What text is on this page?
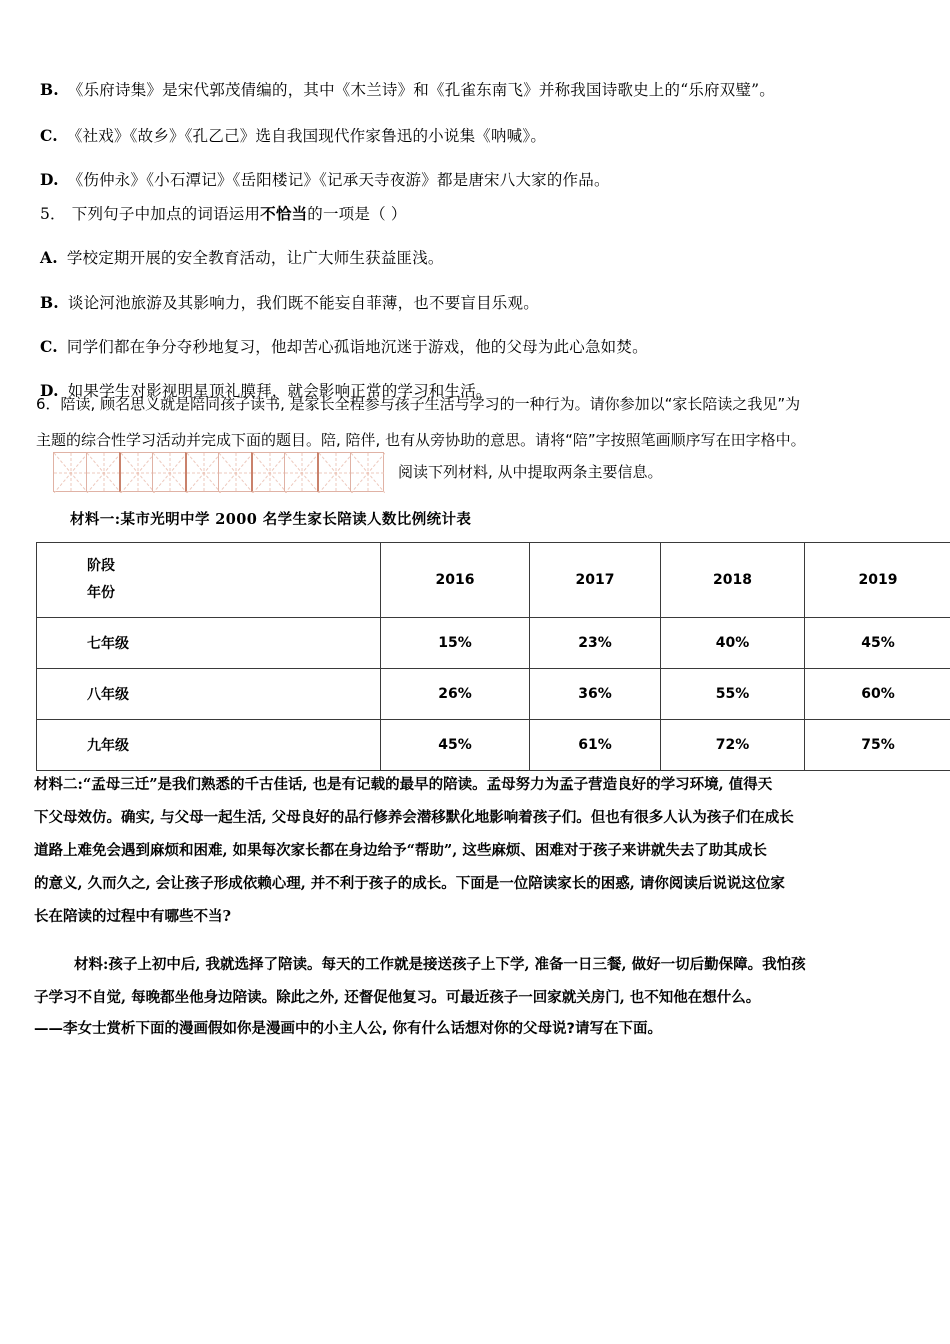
B. 《乐府诗集》是宋代郭茂倩编的，其中《木兰诗》和《孔雀东南飞》并称我国诗歌史上的“乐府双璧”。
C. 《社戏》《故乡》《孔乙己》选自我国现代作家鲁迅的小说集《呐喊》。
D. 《伤仲永》《小石潭记》《岳阳楼记》《记承天寺夜游》都是唐宋八大家的作品。
5． 下列句子中加点的词语运用不恰当的一项是（ ）
A. 学校定期开展的安全教育活动，让广大师生获益匪浅。
B. 谈论河池旅游及其影响力，我们既不能妄自菲薄，也不要盲目乐观。
C. 同学们都在争分夺秒地复习，他却苦心孤诣地沉迷于游戏，他的父母为此心急如焚。
D. 如果学生对影视明星顶礼膜拜，就会影响正常的学习和生活。
6．陪读, 顾名思义就是陪同孩子读书, 是家长全程参与孩子生活与学习的一种行为。请你参加以“家长陪读之我见”为
主题的综合性学习活动并完成下面的题目。陪, 陪伴, 也有从旁协助的意思。请将“陪”字按照笔画顺序写在田字格中。
阅读下列材料, 从中提取两条主要信息。
材料一:某市光明中学 2000 名学生家长陪读人数比例统计表
阶段
年份	2016	2017	2018	2019
七年级	15%	23%	40%	45%
八年级	26%	36%	55%	60%
九年级	45%	61%	72%	75%
材料二:“孟母三迁”是我们熟悉的千古佳话, 也是有记载的最早的陪读。孟母努力为孟子营造良好的学习环境, 值得天
下父母效仿。确实, 与父母一起生活, 父母良好的品行修养会潜移默化地影响着孩子们。但也有很多人认为孩子们在成长
道路上难免会遇到麻烦和困难, 如果每次家长都在身边给予“帮助”, 这些麻烦、困难对于孩子来讲就失去了助其成长
的意义, 久而久之, 会让孩子形成依赖心理, 并不利于孩子的成长。下面是一位陪读家长的困惑, 请你阅读后说说这位家
长在陪读的过程中有哪些不当?
材料:孩子上初中后, 我就选择了陪读。每天的工作就是接送孩子上下学, 准备一日三餐, 做好一切后勤保障。我怕孩
子学习不自觉, 每晚都坐他身边陪读。除此之外, 还督促他复习。可最近孩子一回家就关房门, 也不知他在想什么。
——李女士赏析下面的漫画假如你是漫画中的小主人公, 你有什么话想对你的父母说?请写在下面。
